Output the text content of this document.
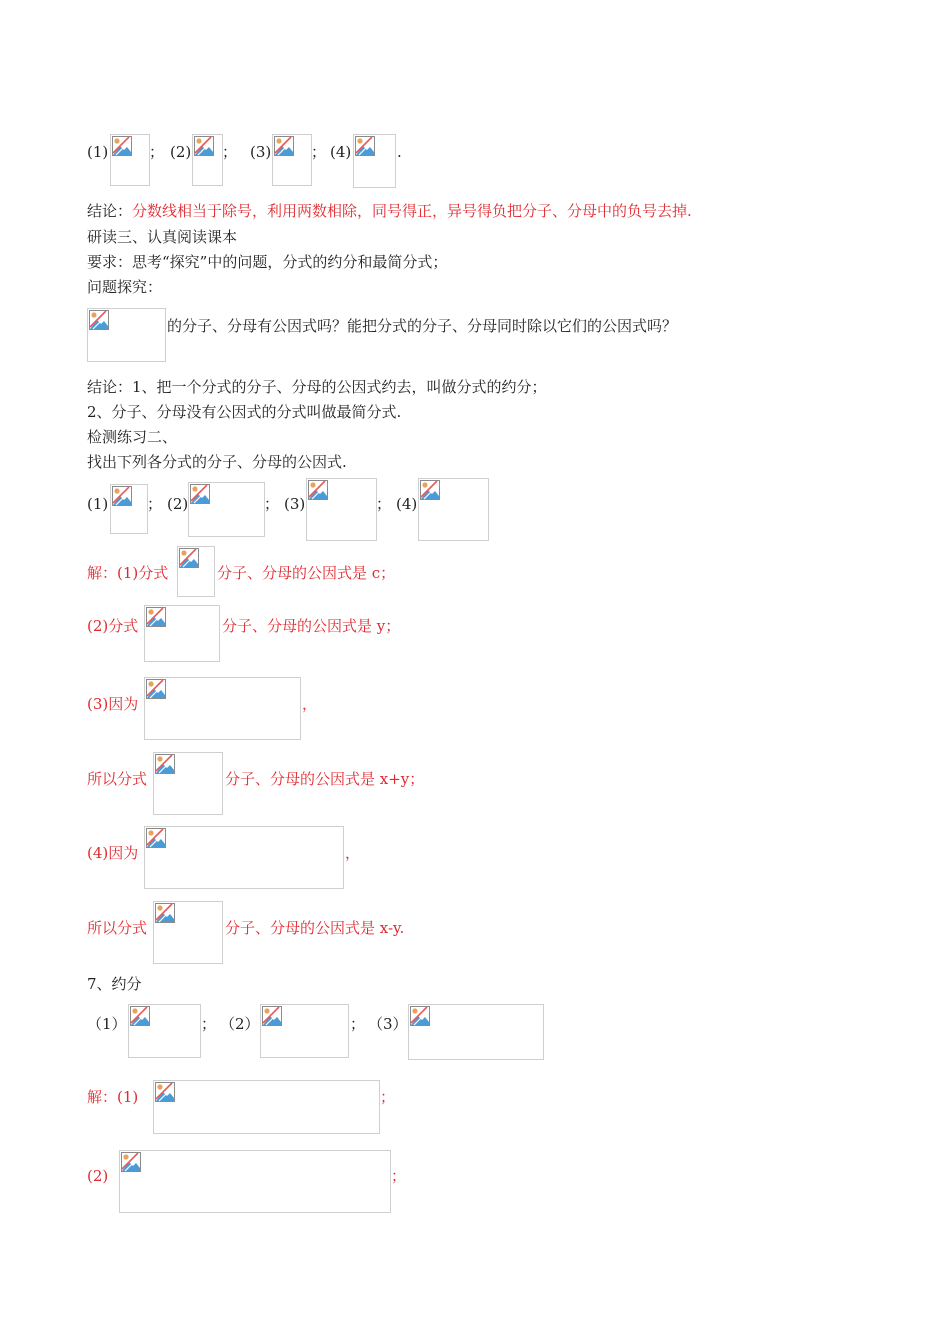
(1)	； (2) ； (3)	； (4)	.
结论：分数线相当于除号，利用两数相除，同号得正，异号得负把分子、分母中的负号去掉.
研读三、认真阅读课本
要求：思考“探究”中的问题，分式的约分和最简分式；
问题探究：
的分子、分母有公因式吗？能把分式的分子、分母同时除以它们的公因式吗？
结论：1、把一个分式的分子、分母的公因式约去，叫做分式的约分；
2、分子、分母没有公因式的分式叫做最简分式.
检测练习二、
找出下列各分式的分子、分母的公因式.
(1)	； (2)	； (3)	； (4)
解：(1)分式	分子、分母的公因式是 c；
(2)分式	分子、分母的公因式是 y；
(3)因为	，
所以分式	分子、分母的公因式是 x+y；
(4)因为	，
所以分式	分子、分母的公因式是 x-y.
7、约分
（1）	； （2）	； （3）
解：(1)	；
(2)	；
